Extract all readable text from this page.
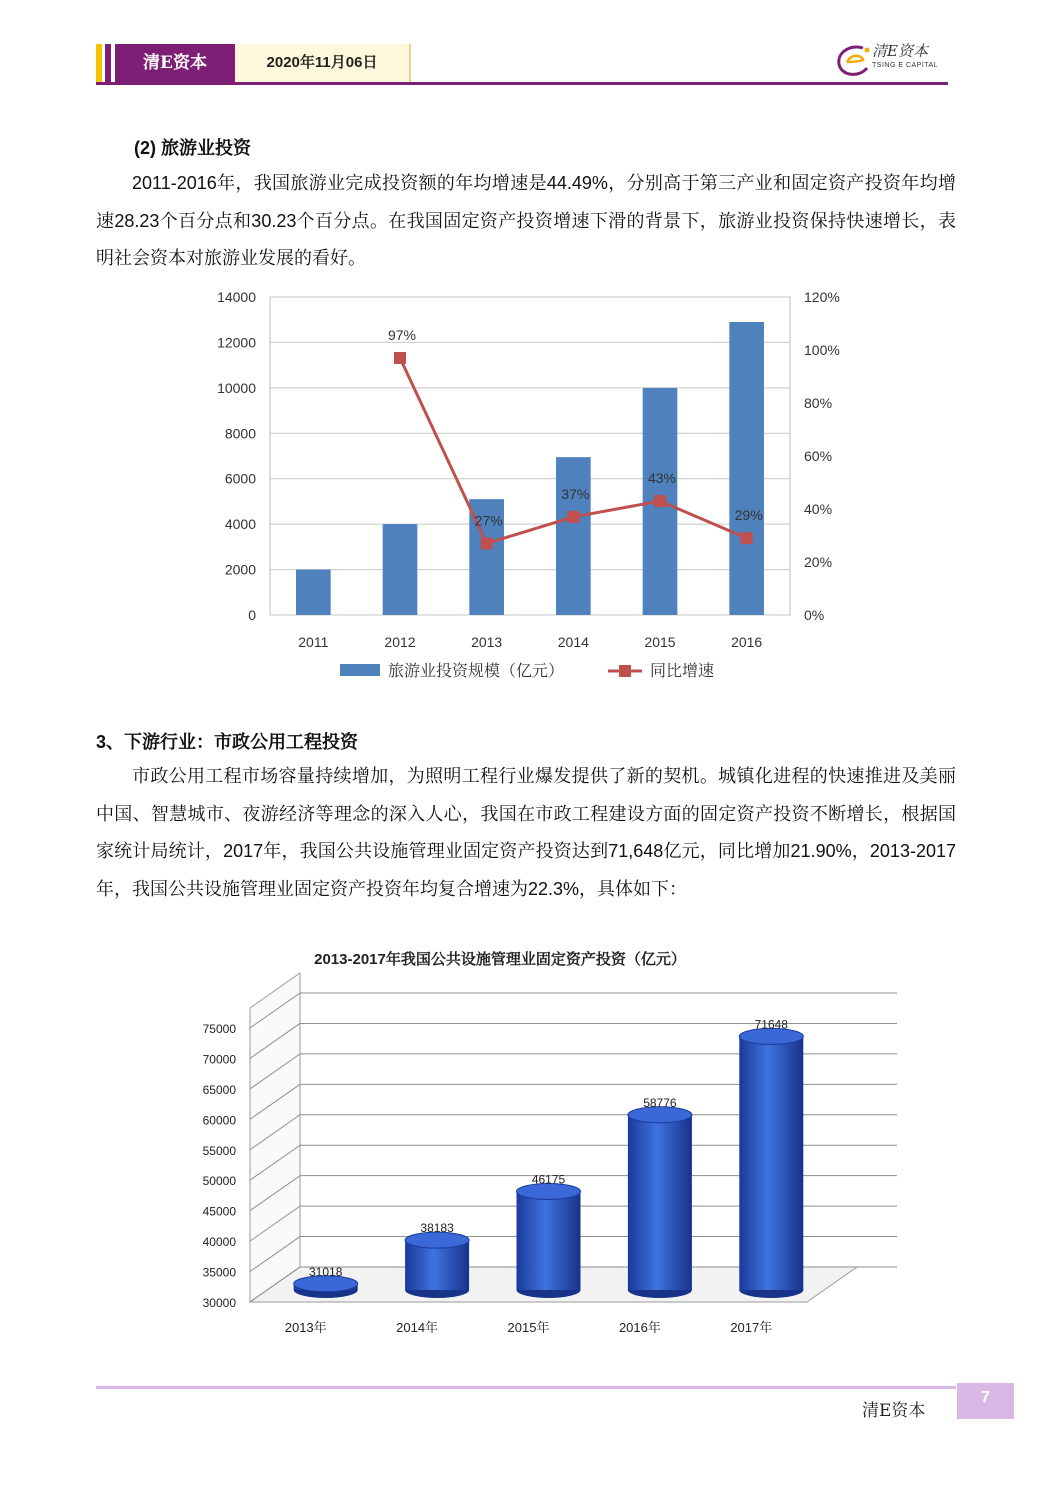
清E资本	2020年11月06日
清E资本
TSING E CAPITAL
(2) 旅游业投资

2011-2016年，我国旅游业完成投资额的年均增速是44.49%，分别高于第三产业和固定资产投资年均增速28.23个百分点和30.23个百分点。在我国固定资产投资增速下滑的背景下，旅游业投资保持快速增长，表明社会资本对旅游业发展的看好。

0
2000
4000
6000
8000
10000
12000
14000
0%
20%
40%
60%
80%
100%
120%
2011	2012	2013	2014	2015	2016
97%
27%
37%
43%
29%
旅游业投资规模（亿元）	同比增速
3、下游行业：市政公用工程投资

市政公用工程市场容量持续增加，为照明工程行业爆发提供了新的契机。城镇化进程的快速推进及美丽中国、智慧城市、夜游经济等理念的深入人心，我国在市政工程建设方面的固定资产投资不断增长，根据国家统计局统计，2017年，我国公共设施管理业固定资产投资达到71,648亿元，同比增加21.90%，2013-2017年，我国公共设施管理业固定资产投资年均复合增速为22.3%，具体如下：

2013-2017年我国公共设施管理业固定资产投资（亿元）
30000
35000
40000
45000
50000
55000
60000
65000
70000
75000
31018
2013年
38183
2014年
46175
2015年
58776
2016年
71648
2017年
清E资本
7
